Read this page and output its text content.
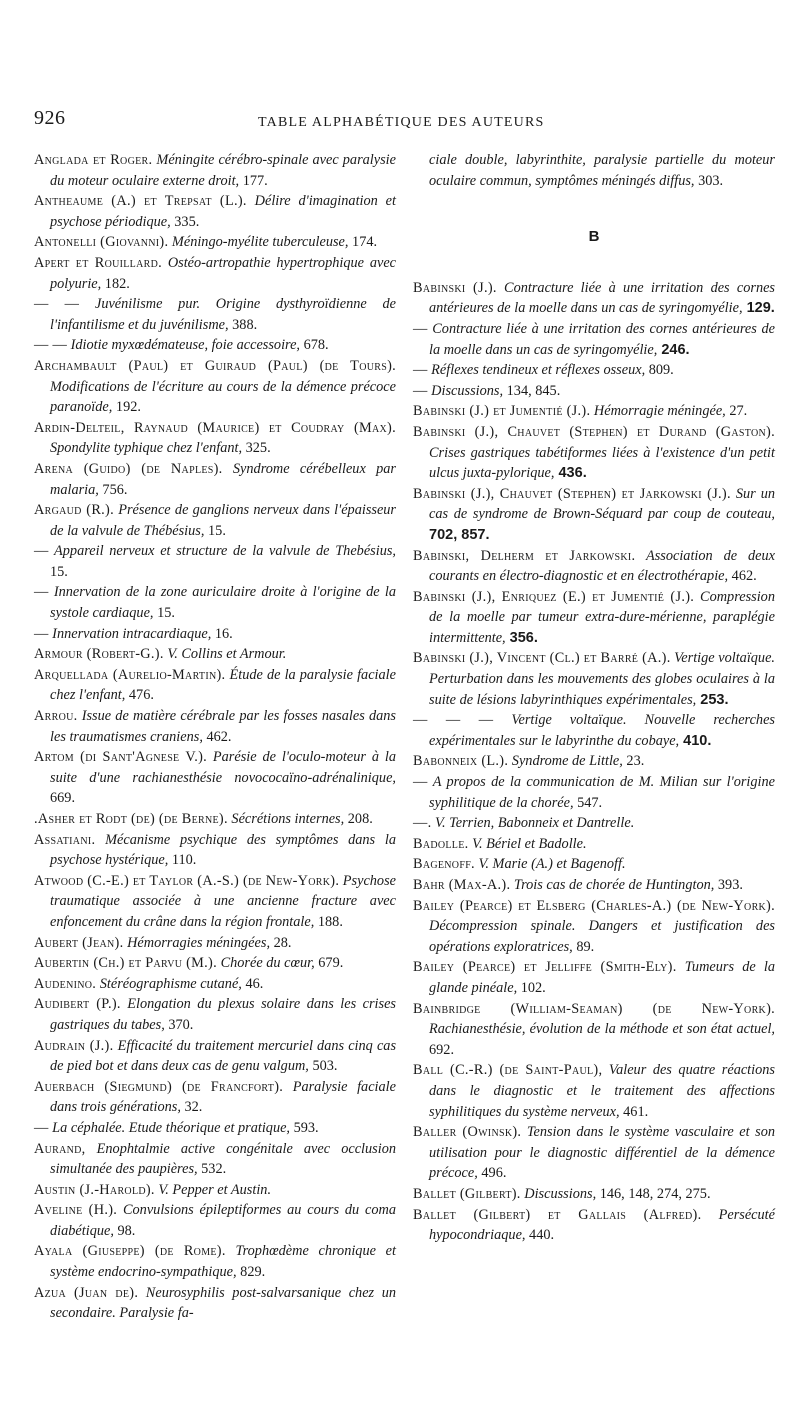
926	TABLE ALPHABÉTIQUE DES AUTEURS

Anglada et Roger. Méningite cérébro-spinale avec paralysie du moteur oculaire externe droit, 177.

Antheaume (A.) et Trepsat (L.). Délire d'imagination et psychose périodique, 335.

Antonelli (Giovanni). Méningo-myélite tuberculeuse, 174.

Apert et Rouillard. Ostéo-artropathie hypertrophique avec polyurie, 182.

— — Juvénilisme pur. Origine dysthyroïdienne de l'infantilisme et du juvénilisme, 388.

— — Idiotie myxœdémateuse, foie accessoire, 678.

Archambault (Paul) et Guiraud (Paul) (de Tours). Modifications de l'écriture au cours de la démence précoce paranoïde, 192.

Ardin-Delteil, Raynaud (Maurice) et Coudray (Max). Spondylite typhique chez l'enfant, 325.

Arena (Guido) (de Naples). Syndrome cérébelleux par malaria, 756.

Argaud (R.). Présence de ganglions nerveux dans l'épaisseur de la valvule de Thébésius, 15.

— Appareil nerveux et structure de la valvule de Thebésius, 15.

— Innervation de la zone auriculaire droite à l'origine de la systole cardiaque, 15.

— Innervation intracardiaque, 16.

Armour (Robert-G.). V. Collins et Armour.

Arquellada (Aurelio-Martin). Étude de la paralysie faciale chez l'enfant, 476.

Arrou. Issue de matière cérébrale par les fosses nasales dans les traumatismes craniens, 462.

Artom (di Sant'Agnese V.). Parésie de l'oculo-moteur à la suite d'une rachianesthésie novococaïno-adrénalinique, 669.

.Asher et Rodt (de) (de Berne). Sécrétions internes, 208.

Assatiani. Mécanisme psychique des symptômes dans la psychose hystérique, 110.

Atwood (C.-E.) et Taylor (A.-S.) (de New-York). Psychose traumatique associée à une ancienne fracture avec enfoncement du crâne dans la région frontale, 188.

Aubert (Jean). Hémorragies méningées, 28.

Aubertin (Ch.) et Parvu (M.). Chorée du cœur, 679.

Audenino. Stéréographisme cutané, 46.

Audibert (P.). Elongation du plexus solaire dans les crises gastriques du tabes, 370.

Audrain (J.). Efficacité du traitement mercuriel dans cinq cas de pied bot et dans deux cas de genu valgum, 503.

Auerbach (Siegmund) (de Francfort). Paralysie faciale dans trois générations, 32.

— La céphalée. Etude théorique et pratique, 593.

Aurand, Enophtalmie active congénitale avec occlusion simultanée des paupières, 532.

Austin (J.-Harold). V. Pepper et Austin.

Aveline (H.). Convulsions épileptiformes au cours du coma diabétique, 98.

Ayala (Giuseppe) (de Rome). Trophœdème chronique et système endocrino-sympathique, 829.

Azua (Juan de). Neurosyphilis post-salvarsanique chez un secondaire. Paralysie fa-

ciale double, labyrinthite, paralysie partielle du moteur oculaire commun, symptômes méningés diffus, 303.

B

Babinski (J.). Contracture liée à une irritation des cornes antérieures de la moelle dans un cas de syringomyélie, 129.

— Contracture liée à une irritation des cornes antérieures de la moelle dans un cas de syringomyélie, 246.

— Réflexes tendineux et réflexes osseux, 809.

— Discussions, 134, 845.

Babinski (J.) et Jumentié (J.). Hémorragie méningée, 27.

Babinski (J.), Chauvet (Stephen) et Durand (Gaston). Crises gastriques tabétiformes liées à l'existence d'un petit ulcus juxta-pylorique, 436.

Babinski (J.), Chauvet (Stephen) et Jarkowski (J.). Sur un cas de syndrome de Brown-Séquard par coup de couteau, 702, 857.

Babinski, Delherm et Jarkowski. Association de deux courants en électro-diagnostic et en électrothérapie, 462.

Babinski (J.), Enriquez (E.) et Jumentié (J.). Compression de la moelle par tumeur extra-dure-mérienne, paraplégie intermittente, 356.

Babinski (J.), Vincent (Cl.) et Barré (A.). Vertige voltaïque. Perturbation dans les mouvements des globes oculaires à la suite de lésions labyrinthiques expérimentales, 253.

— — — Vertige voltaïque. Nouvelle recherches expérimentales sur le labyrinthe du cobaye, 410.

Babonneix (L.). Syndrome de Little, 23.

— A propos de la communication de M. Milian sur l'origine syphilitique de la chorée, 547.

—. V. Terrien, Babonneix et Dantrelle.

Badolle. V. Bériel et Badolle.

Bagenoff. V. Marie (A.) et Bagenoff.

Bahr (Max-A.). Trois cas de chorée de Huntington, 393.

Bailey (Pearce) et Elsberg (Charles-A.) (de New-York). Décompression spinale. Dangers et justification des opérations exploratrices, 89.

Bailey (Pearce) et Jelliffe (Smith-Ely). Tumeurs de la glande pinéale, 102.

Bainbridge (William-Seaman) (de New-York). Rachianesthésie, évolution de la méthode et son état actuel, 692.

Ball (C.-R.) (de Saint-Paul), Valeur des quatre réactions dans le diagnostic et le traitement des affections syphilitiques du système nerveux, 461.

Baller (Owinsk). Tension dans le système vasculaire et son utilisation pour le diagnostic différentiel de la démence précoce, 496.

Ballet (Gilbert). Discussions, 146, 148, 274, 275.

Ballet (Gilbert) et Gallais (Alfred). Persécuté hypocondriaque, 440.
